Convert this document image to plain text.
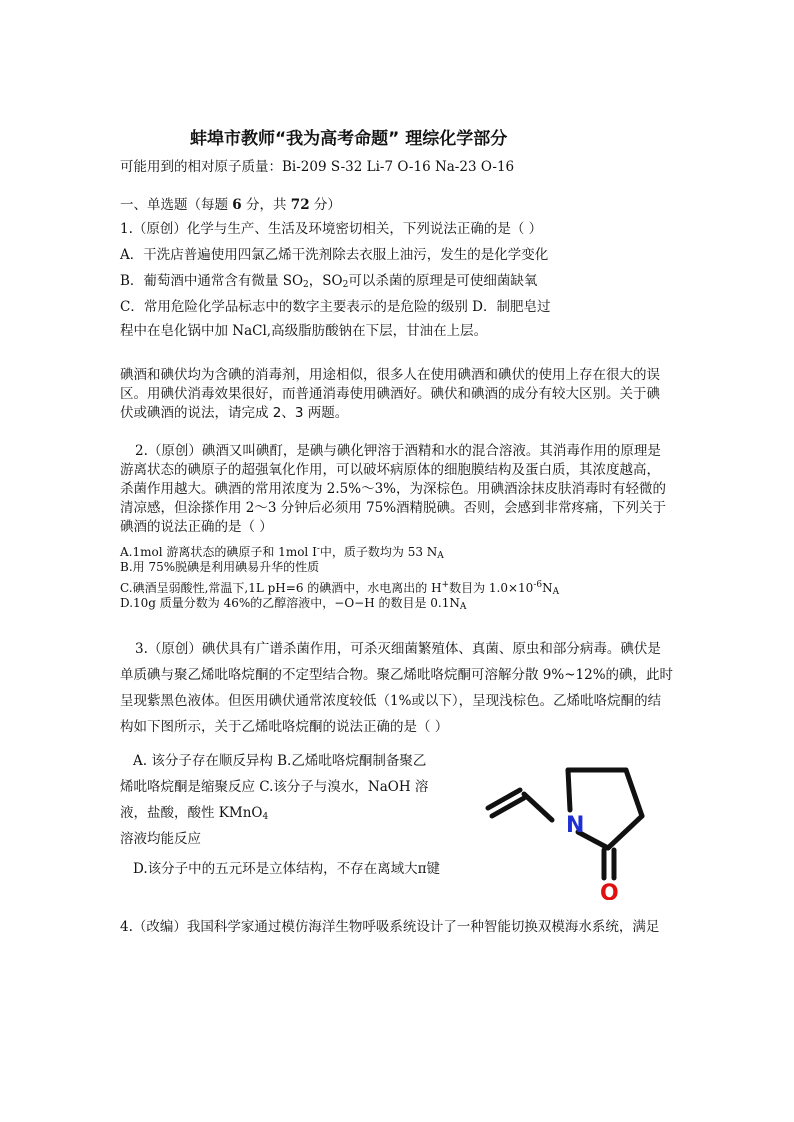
蚌埠市教师“我为高考命题” 理综化学部分
可能用到的相对原子质量：Bi-209 S-32 Li-7 O-16 Na-23 O-16
一、单选题（每题 6 分，共 72 分）
1.（原创）化学与生产、生活及环境密切相关，下列说法正确的是（ ）
A．干洗店普遍使用四氯乙烯干洗剂除去衣服上油污，发生的是化学变化
B．葡萄酒中通常含有微量 $SO_2$，$SO_2$可以杀菌的原理是可使细菌缺氧
C．常用危险化学品标志中的数字主要表示的是危险的级别 D．制肥皂过
程中在皂化锅中加 NaCl,高级脂肪酸钠在下层，甘油在上层。
碘酒和碘伏均为含碘的消毒剂，用途相似，很多人在使用碘酒和碘伏的使用上存在很大的误
区。用碘伏消毒效果很好，而普通消毒使用碘酒好。碘伏和碘酒的成分有较大区别。关于碘
伏或碘酒的说法，请完成 2、3 两题。
2.（原创）碘酒又叫碘酊，是碘与碘化钾溶于酒精和水的混合溶液。其消毒作用的原理是
游离状态的碘原子的超强氧化作用，可以破坏病原体的细胞膜结构及蛋白质，其浓度越高，
杀菌作用越大。碘酒的常用浓度为 2.5%～3%，为深棕色。用碘酒涂抹皮肤消毒时有轻微的
清凉感，但涂搽作用 2～3 分钟后必须用 75%酒精脱碘。否则，会感到非常疼痛，下列关于
碘酒的说法正确的是（ ）
A.1mol 游离状态的碘原子和 1mol I-中，质子数均为 53 $N_A$
B.用 75%脱碘是利用碘易升华的性质
C.碘酒呈弱酸性,常温下,1L pH=6 的碘酒中，水电离出的 H+数目为 $1.0\times 10^{-6}N_A$
D.10g 质量分数为 46%的乙醇溶液中，−O−H 的数目是 $0.1N_A$
3.（原创）碘伏具有广谱杀菌作用，可杀灭细菌繁殖体、真菌、原虫和部分病毒。碘伏是
单质碘与聚乙烯吡咯烷酮的不定型结合物。聚乙烯吡咯烷酮可溶解分散 9%~12%的碘，此时
呈现紫黑色液体。但医用碘伏通常浓度较低（1%或以下），呈现浅棕色。乙烯吡咯烷酮的结
构如下图所示，关于乙烯吡咯烷酮的说法正确的是（ ）
A. 该分子存在顺反异构 B.乙烯吡咯烷酮制备聚乙
烯吡咯烷酮是缩聚反应 C.该分子与溴水，NaOH 溶
液，盐酸，酸性 KMnO$_4$
溶液均能反应
D.该分子中的五元环是立体结构，不存在离域大π键
N
O
4.（改编）我国科学家通过模仿海洋生物呼吸系统设计了一种智能切换双模海水系统，满足
